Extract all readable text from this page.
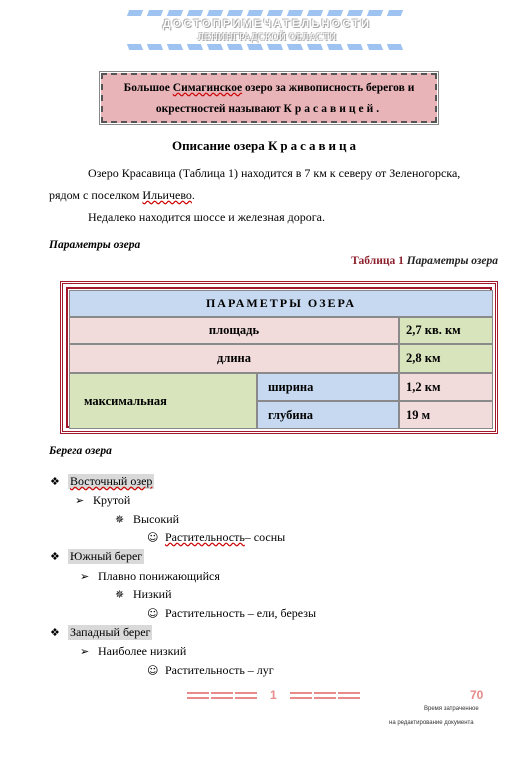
ДОСТОПРИМЕЧАТЕЛЬНОСТИ
ЛЕНИНГРАДСКОЙ ОБЛАСТИ
Большое Симагинское озеро за живописность берегов и
окрестностей называют Красавицей.
Описание озера Красавица
Озеро Красавица (Таблица 1) находится в 7 км к северу от Зеленогорска,
рядом с поселком Ильичево.
Недалеко находится шоссе и железная дорога.
Параметры озера
Таблица 1 Параметры озера
ПАРАМЕТРЫ ОЗЕРА
площадь	2,7 кв. км
длина	2,8 км
максимальная
ширина	1,2 км
глубина	19 м
Берега озера
❖ Восточный озер
➢ Крутой
✵ Высокий
☺ Растительность – сосны
❖ Южный берег
➢ Плавно понижающийся
✵ Низкий
☺ Растительность – ели, березы
❖ Западный берег
➢ Наиболее низкий
☺ Растительность – луг
1	70
Время затраченное
на редактирование документа
